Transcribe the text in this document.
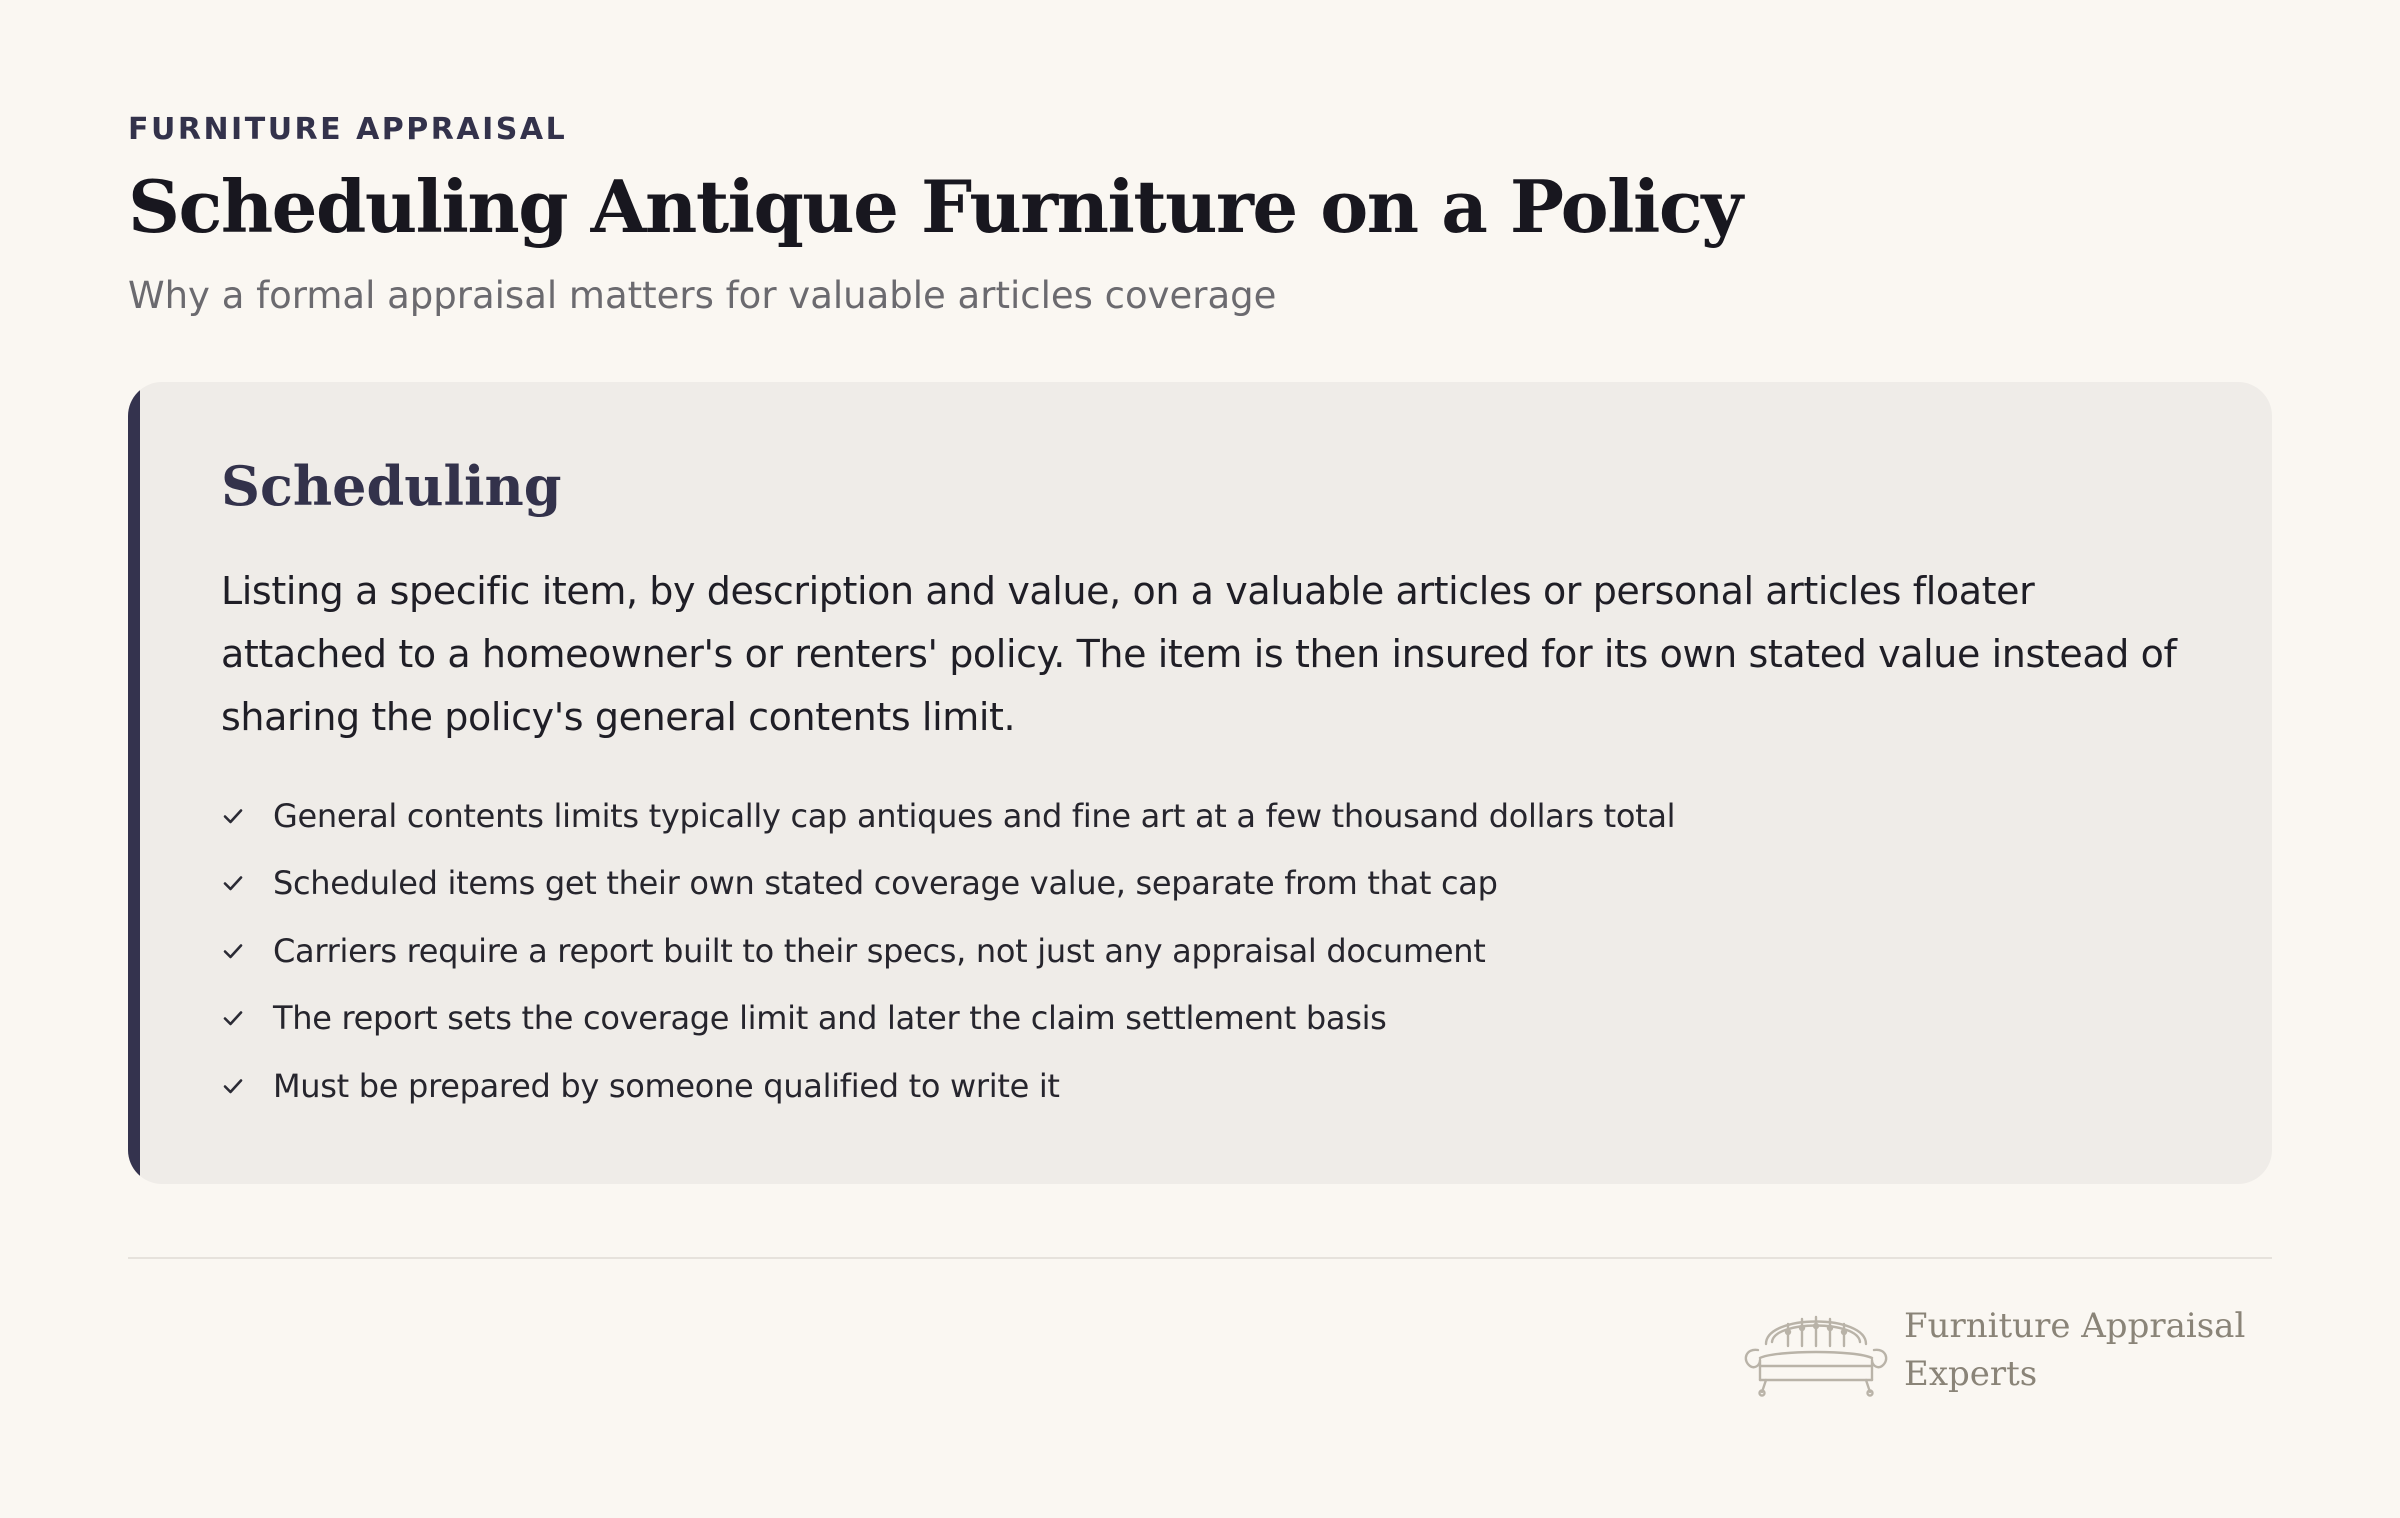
FURNITURE APPRAISAL
Scheduling Antique Furniture on a Policy
Why a formal appraisal matters for valuable articles coverage
Scheduling

Listing a specific item, by description and value, on a valuable articles or personal articles floater attached to a homeowner's or renters' policy. The item is then insured for its own stated value instead of sharing the policy's general contents limit.

General contents limits typically cap antiques and fine art at a few thousand dollars total
Scheduled items get their own stated coverage value, separate from that cap
Carriers require a report built to their specs, not just any appraisal document
The report sets the coverage limit and later the claim settlement basis
Must be prepared by someone qualified to write it
Furniture Appraisal Experts
